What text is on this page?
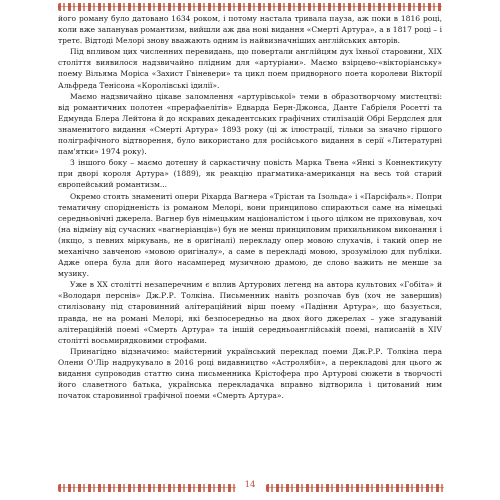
його роману було датовано 1634 роком, і потому настала тривала пауза, аж поки в 1816 році, коли вже запанував романтизм, вийшли аж два нові видання «Смерті Артура», а в 1817 році – і третє. Відтоді Мелорі знову вважають одним із найвизначніших англійських авторів.

Під впливом цих численних перевидань, що повертали англійцям дух їхньої старовини, XIX століття виявилося надзвичайно плідним для «артуріани». Маємо взірцево-«вікторіанську» поему Вільяма Моріса «Захист Гвіневери» та цикл поем придворного поета королеви Вікторії Альфреда Тенісона «Королівські ідилії».

Маємо надзвичайно цікаве заломлення «артурівської» теми в образотворчому мистецтві: від романтичних полотен «прерафаелітів» Едварда Берн-Джонса, Данте Габріеля Росетті та Едмунда Блера Лейтона й до яскравих декадентських графічних стилізацій Обрі Бердслея для знаменитого видання «Смерті Артура» 1893 року (ці ж ілюстрації, тільки за значно гіршого поліграфічного відтворення, було використано для російського видання в серії «Литературні пам'ятки» 1974 року).

З іншого боку – маємо дотепну й саркастичну повість Марка Твена «Янкі з Коннектикуту при дворі короля Артура» (1889), як реакцію прагматика-американця на весь той старий європейський романтизм...

Окремо стоять знамениті опери Ріхарда Вагнера «Трістан та Ізольда» і «Парсіфаль». Попри тематичну спорідненість із романом Мелорі, вони принципово спираються саме на німецькі середньовічні джерела. Вагнер був німецьким націоналістом і цього цілком не приховував, хоч (на відміну від сучасних «вагнеріанців») був не менш принциповим прихильником виконання і (якщо, з певних міркувань, не в оригіналі) перекладу опер мовою слухачів, і такий опер не механічно завченою «мовою оригіналу», а саме в перекладі мовою, зрозумілою для публіки. Адже опера була для його насамперед музичною драмою, де слово важить не менше за музику.

Уже в XX столітті незаперечним є вплив Артурових легенд на автора культових «Гобіта» й «Володаря перснів» Дж.Р.Р. Толкіна. Письменник навіть розпочав був (хоч не завершив) стилізовану під старовинний алітераційний вірш поему «Падіння Артура», що базується, правда, не на романі Мелорі, які безпосередньо на двох його джерелах – уже згадуваній алітераційній поемі «Смерть Артура» та іншій середньоанглійській поемі, написаній в XIV столітті восьмирядковими строфами.

Принагідно відзначимо: майстерний український переклад поеми Дж.Р.Р. Толкіна пера Олени О'Лір надрукувало в 2016 році видавництво «Астролябія», а перекладові для цього ж видання супроводив статтю сина письменника Крістофера про Артурові сюжети в творчості його славетного батька, українська перекладачка вправно відтворила і цитований ним початок старовинної графічної поеми «Смерть Артура».

14
